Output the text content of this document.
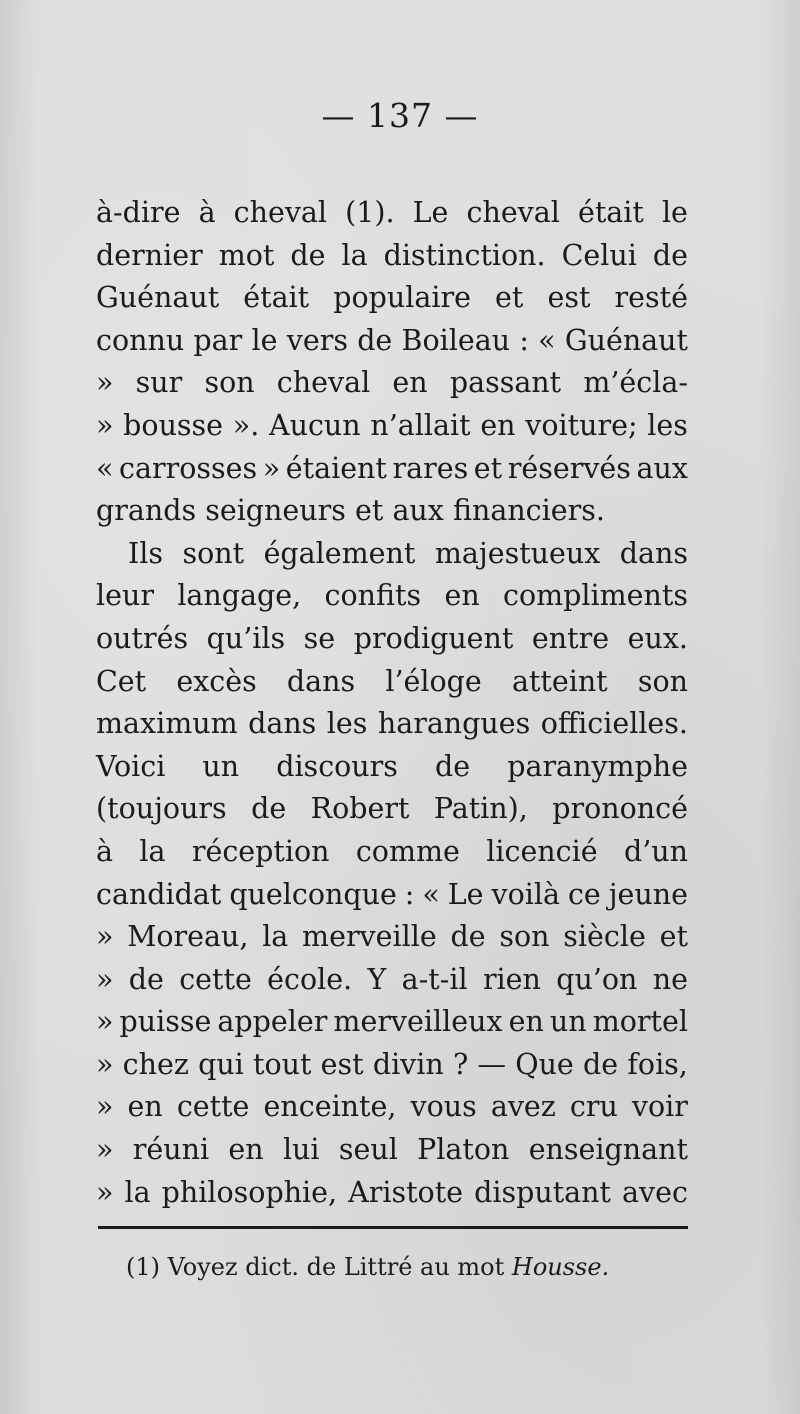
— 137 —
à-dire à cheval (1). Le cheval était le
dernier mot de la distinction. Celui de
Guénaut était populaire et est resté
connu par le vers de Boileau : « Guénaut
» sur son cheval en passant m’écla-
» bousse ». Aucun n’allait en voiture; les
« carrosses » étaient rares et réservés aux
grands seigneurs et aux financiers.
Ils sont également majestueux dans
leur langage, confits en compliments
outrés qu’ils se prodiguent entre eux.
Cet excès dans l’éloge atteint son
maximum dans les harangues officielles.
Voici un discours de paranymphe
(toujours de Robert Patin), prononcé
à la réception comme licencié d’un
candidat quelconque : « Le voilà ce jeune
» Moreau, la merveille de son siècle et
» de cette école. Y a-t-il rien qu’on ne
» puisse appeler merveilleux en un mortel
» chez qui tout est divin ? — Que de fois,
» en cette enceinte, vous avez cru voir
» réuni en lui seul Platon enseignant
» la philosophie, Aristote disputant avec
(1) Voyez dict. de Littré au mot Housse.
